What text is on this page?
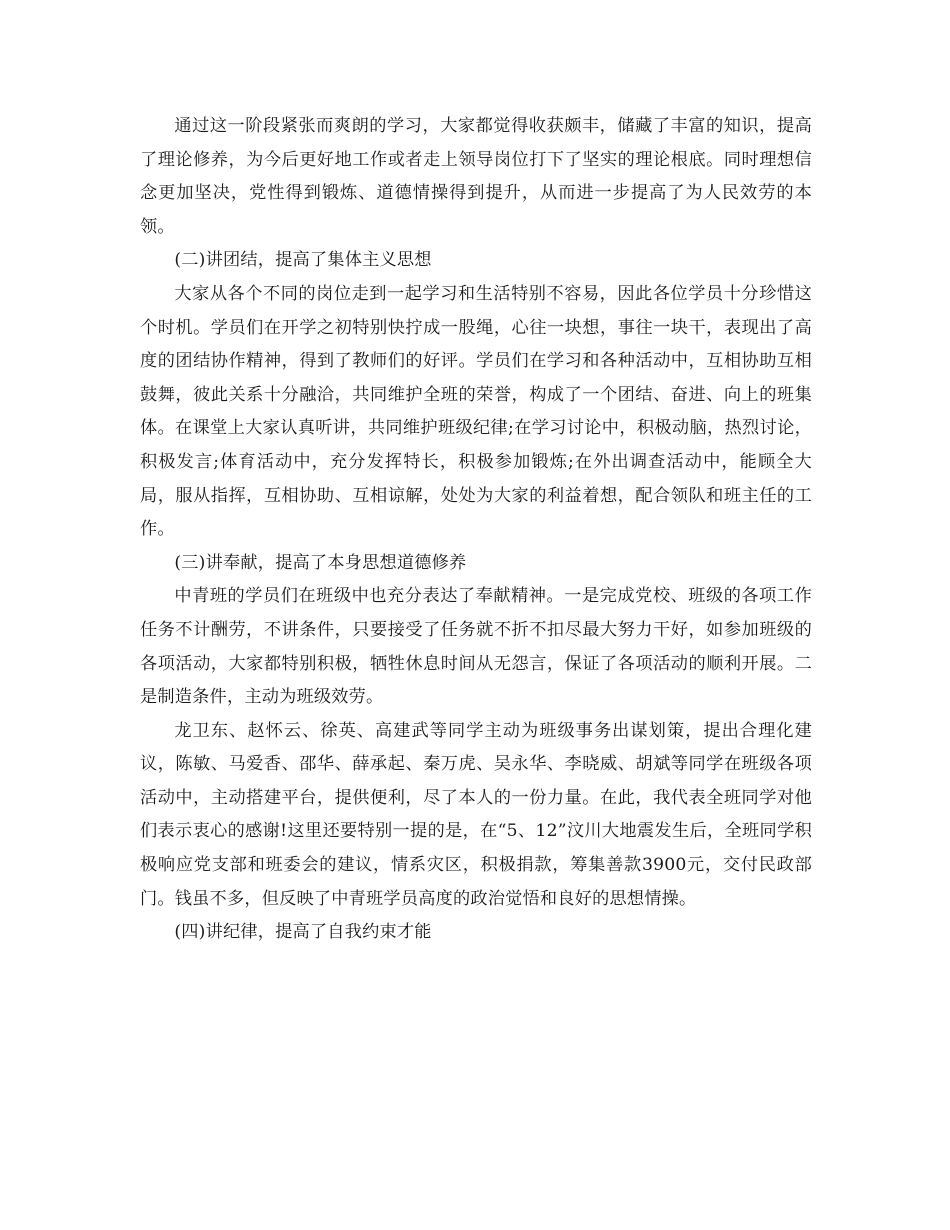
通过这一阶段紧张而爽朗的学习，大家都觉得收获颇丰，储藏了丰富的知识，提高了理论修养，为今后更好地工作或者走上领导岗位打下了坚实的理论根底。同时理想信念更加坚决，党性得到锻炼、道德情操得到提升，从而进一步提高了为人民效劳的本领。

(二)讲团结，提高了集体主义思想

大家从各个不同的岗位走到一起学习和生活特别不容易，因此各位学员十分珍惜这个时机。学员们在开学之初特别快拧成一股绳，心往一块想，事往一块干，表现出了高度的团结协作精神，得到了教师们的好评。学员们在学习和各种活动中，互相协助互相鼓舞，彼此关系十分融洽，共同维护全班的荣誉，构成了一个团结、奋进、向上的班集体。在课堂上大家认真听讲，共同维护班级纪律;在学习讨论中，积极动脑，热烈讨论，积极发言;体育活动中，充分发挥特长，积极参加锻炼;在外出调查活动中，能顾全大局，服从指挥，互相协助、互相谅解，处处为大家的利益着想，配合领队和班主任的工作。

(三)讲奉献，提高了本身思想道德修养

中青班的学员们在班级中也充分表达了奉献精神。一是完成党校、班级的各项工作任务不计酬劳，不讲条件，只要接受了任务就不折不扣尽最大努力干好，如参加班级的各项活动，大家都特别积极，牺牲休息时间从无怨言，保证了各项活动的顺利开展。二是制造条件，主动为班级效劳。

龙卫东、赵怀云、徐英、高建武等同学主动为班级事务出谋划策，提出合理化建议，陈敏、马爱香、邵华、薛承起、秦万虎、吴永华、李晓威、胡斌等同学在班级各项活动中，主动搭建平台，提供便利，尽了本人的一份力量。在此，我代表全班同学对他们表示衷心的感谢!这里还要特别一提的是，在“5、12”汶川大地震发生后，全班同学积极响应党支部和班委会的建议，情系灾区，积极捐款，筹集善款3900元，交付民政部门。钱虽不多，但反映了中青班学员高度的政治觉悟和良好的思想情操。

(四)讲纪律，提高了自我约束才能
